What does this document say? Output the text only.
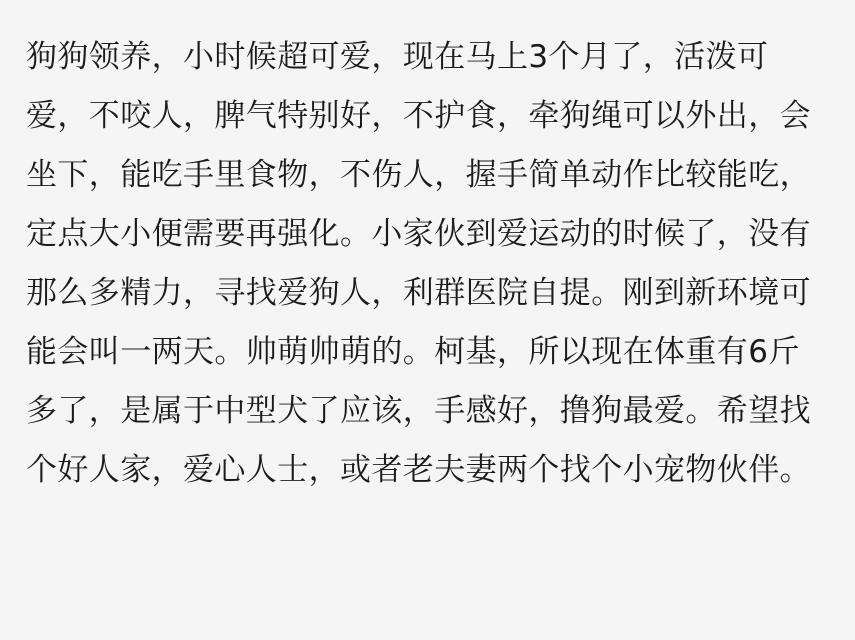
狗狗领养，小时候超可爱，现在马上3个月了，活泼可爱，不咬人，脾气特别好，不护食，牵狗绳可以外出，会坐下，能吃手里食物，不伤人，握手简单动作比较能吃，定点大小便需要再强化。小家伙到爱运动的时候了，没有那么多精力，寻找爱狗人，利群医院自提。刚到新环境可能会叫一两天。帅萌帅萌的。柯基，所以现在体重有6斤多了，是属于中型犬了应该，手感好，撸狗最爱。希望找个好人家，爱心人士，或者老夫妻两个找个小宠物伙伴。
